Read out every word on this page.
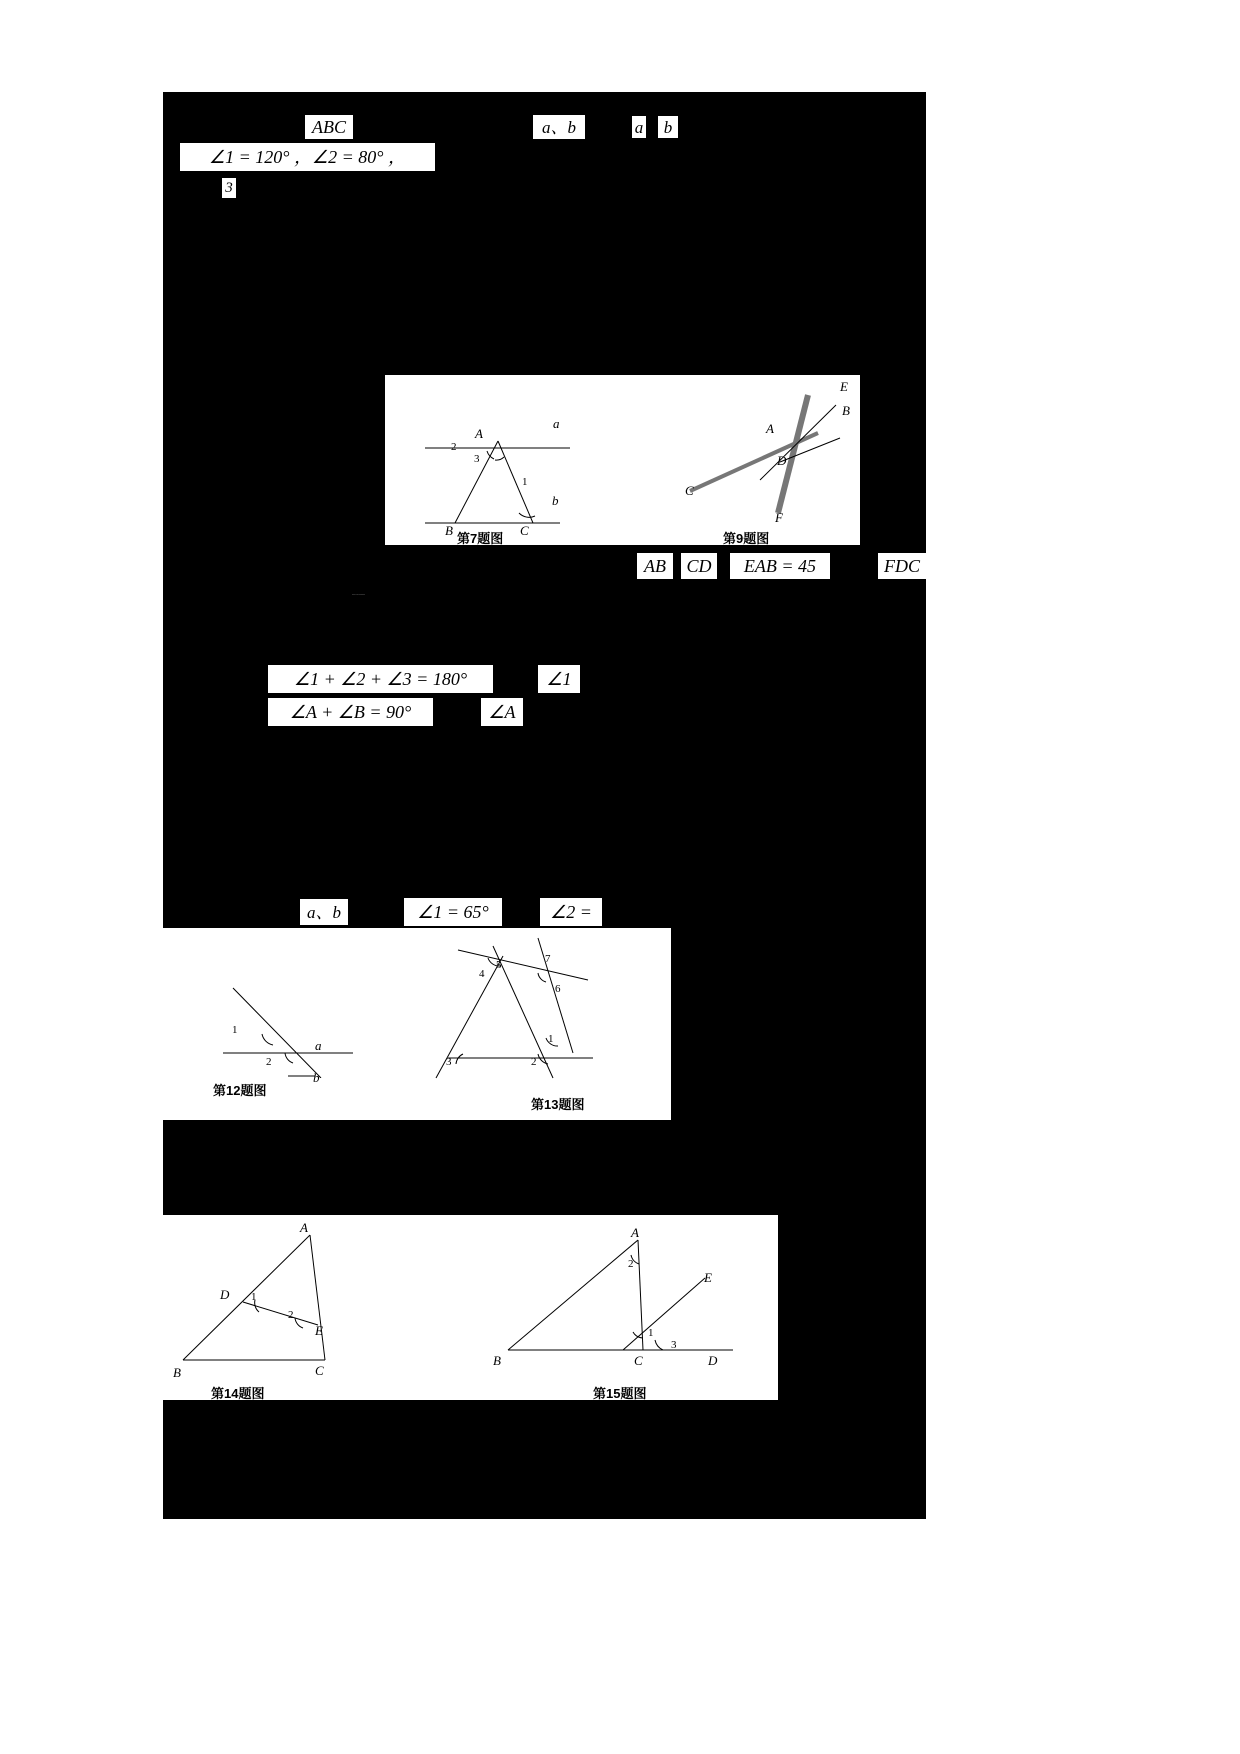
ABC	a、b	a	b
∠1 = 120° ，∠2 = 80° ，
3
AB	CD	EAB = 45	FDC
............
∠1 + ∠2 + ∠3 = 180°	∠1
∠A + ∠B = 90°	∠A
a、b	∠1 = 65°	∠2 =
A
B	C
a
b
2
3
1
第7题图
E
B
A
D
C
F
第9题图
1
2
a
b
第12题图
4
5	7
6
1
2
3
第13题图
A
D
E
B	C
1
2
第14题图
A
E
B	C	D
2
1
3
第15题图
